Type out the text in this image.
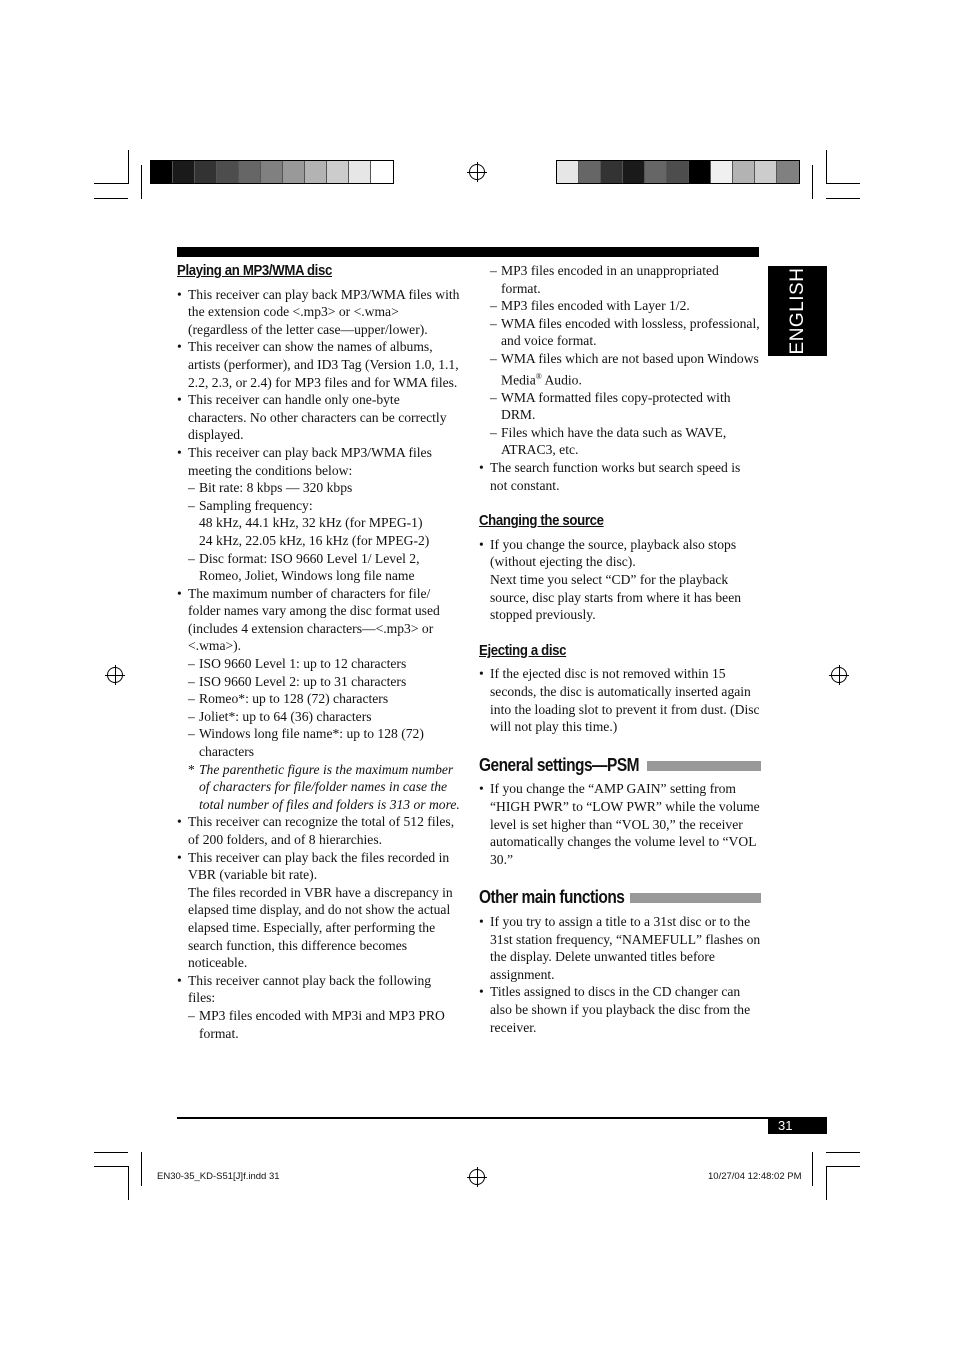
ENGLISH
Playing an MP3/WMA disc
• This receiver can play back MP3/WMA files with the extension code <.mp3> or <.wma> (regardless of the letter case—upper/lower).
• This receiver can show the names of albums, artists (performer), and ID3 Tag (Version 1.0, 1.1, 2.2, 2.3, or 2.4) for MP3 files and for WMA files.
• This receiver can handle only one-byte characters. No other characters can be correctly displayed.
• This receiver can play back MP3/WMA files meeting the conditions below:
– Bit rate: 8 kbps — 320 kbps
– Sampling frequency:
48 kHz, 44.1 kHz, 32 kHz (for MPEG-1)
24 kHz, 22.05 kHz, 16 kHz (for MPEG-2)
– Disc format: ISO 9660 Level 1/ Level 2, Romeo, Joliet, Windows long file name
• The maximum number of characters for file/ folder names vary among the disc format used (includes 4 extension characters—<.mp3> or <.wma>).
– ISO 9660 Level 1: up to 12 characters
– ISO 9660 Level 2: up to 31 characters
– Romeo*: up to 128 (72) characters
– Joliet*: up to 64 (36) characters
– Windows long file name*: up to 128 (72) characters
* The parenthetic figure is the maximum number of characters for file/folder names in case the total number of files and folders is 313 or more.
• This receiver can recognize the total of 512 files, of 200 folders, and of 8 hierarchies.
• This receiver can play back the files recorded in VBR (variable bit rate).
The files recorded in VBR have a discrepancy in elapsed time display, and do not show the actual elapsed time. Especially, after performing the search function, this difference becomes noticeable.
• This receiver cannot play back the following files:
– MP3 files encoded with MP3i and MP3 PRO format.
– MP3 files encoded in an unappropriated format.
– MP3 files encoded with Layer 1/2.
– WMA files encoded with lossless, professional, and voice format.
– WMA files which are not based upon Windows Media® Audio.
– WMA formatted files copy-protected with DRM.
– Files which have the data such as WAVE, ATRAC3, etc.
• The search function works but search speed is not constant.
Changing the source
• If you change the source, playback also stops (without ejecting the disc).
Next time you select “CD” for the playback source, disc play starts from where it has been stopped previously.
Ejecting a disc
• If the ejected disc is not removed within 15 seconds, the disc is automatically inserted again into the loading slot to prevent it from dust. (Disc will not play this time.)
General settings—PSM
• If you change the “AMP GAIN” setting from “HIGH PWR” to “LOW PWR” while the volume level is set higher than “VOL 30,” the receiver automatically changes the volume level to “VOL 30.”
Other main functions
• If you try to assign a title to a 31st disc or to the 31st station frequency, “NAMEFULL” flashes on the display. Delete unwanted titles before assignment.
• Titles assigned to discs in the CD changer can also be shown if you playback the disc from the receiver.
31
EN30-35_KD-S51[J]f.indd 31	10/27/04 12:48:02 PM
